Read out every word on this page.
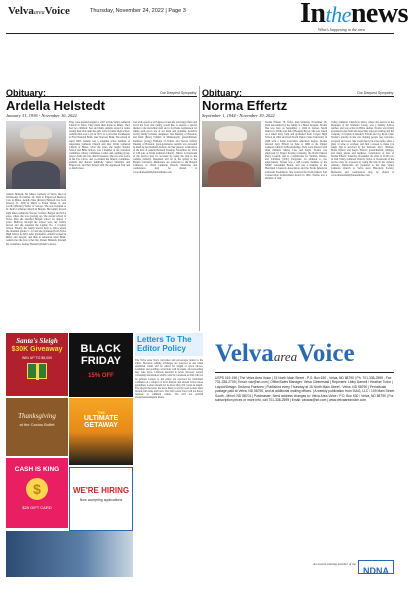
VelvaareaVoice	Thursday, November 24, 2022 | Page 3	Inthenews
What's happening in the area
Obituary:	Our Deepest Sympathy
Ardella Helstedt
January 31, 1936 - November 16, 2022
Ardella Helstedt, 86, Minot, formerly of Velva, died on Wednesday, November 16, 2022 at Edgewood Memory Care in Minot. Ardella Mae (Robert) Helstedt was born January 31, 1936 in Minot to Frank Weber, Jr. and Cecilia (Heisler) Weber of Sawyer. She was baptized at St. Paul's Lutheran Church in Bergen. Her family moved eight times within the Sawyer, Voltaire, Bergen and Velva areas, where she was growing up. She started school in Velva, then she attended Bergen school for almost 5 years. Halfway through the school year, her family moved and she attended the Lignite No. 1 Country School. Finally, her family moved back to Velva where she attended grades 5 - 12 and she graduated from Velva High School in 1953. After graduation, Ardella worked in Minot and Sawyer, and then at American State Bank. Ardella met the love of her life, Robert Helstedt, through her roommate, Audrey Helstedt (Robert's sister).
They were married August 4, 1957 at Oak Valley Lutheran Church in Velva. They made their home in Minot. They had two children: Sue and Ruth. Ardella stayed at home raising their kids until the girls were in junior high school. Ardella then took a job in 1971 as a part-time bookkeeper at First National Bank, later Norwest Bank. She retired in April 1995. Ardella was a longtime active member of Augustana Lutheran Church and later Christ Lutheran Church of Minot. Over the years she taught Sunday School and Bible School, was a member of the visitation committee, library committee, Ladies Aid, quilting group, prayer chain and was church treasurer. She was also active in the Eve Circle, and co-chaired the funeral committee. Ardella and Robert faithfully visited Stenslie's and Edgewood, and they helped with the Appleseed Fair and so much more.
was well-cared for at Edgewood and she was happy there and loved the food. Our family would like to express a special thanks to the incredible staff and to LaVonne Gulbranson for taking such good care of our mom and grandma. Ardella's loving family includes daughters: Sue Dueling of Houston; and Ruth (Peter) Schmitt of Minneapolis; grandchildren: Kathleen (Craig) Eldridge of Dallas and Steven (Mary) Dueling of Houston; great-grandsons. Ardella was preceded in death by her husband, Robert, and her parents. Celebration of the Life of Ardella Helstedt Tuesday, November 22, 2022 at 2:30 p.m. at Christ Lutheran Church - Minot. A livestream of the service may be accessed by using the link in the website obituary. Interment will be in the spring at the Bergen Cemetery. Memorials are preferred to the Bergen Cemetery or Christ Lutheran Church. Memories and condolences may be shared at www.thomasfamilyfuneralhome.com.
Obituary:	Our Deepest Sympathy
Norma Effertz
September 1, 1944 - November 19, 2022
Norma Effertz, 78, Velva, died Saturday, November 19, 2022 surrounded by her family at a Minot hospital. Norma Dee was born on September 1, 1944 in Lisbon, North Dakota to Willie and Julia (Hoagen) Bryan. She was raised on a small dairy farm and graduated from Cooper High School in 1962 and from North Dakota State University in 1966 with a home economics education degree. Norma married Jerry Effertz on June 4, 1966 at the United Lutheran Church in Breckenridge. They were blessed with three children: Maria, Lisa, and Kayla. Norma was employed by Singer Sewing Company, the North Dakota Dairy Council, and as a nutritionist for Women, Infants, and Children (WIC) Programs. In addition to her employment, Norma was a 4-H Leader, member of the NDSU Centennial Board, and was a member of the Heartland Livestock Association and the North American Limousin Foundation. She received the North Dakota Soil Conservation Achievement Award in 1981. Norma was a member of Oak
Valley Lutheran Church in Velva, where she served as the President of the Women's Group, was a Sunday School teacher, and was active in Bible studies. Norma was firmly grounded in her faith and especially enjoyed visiting and the company of friends at Reader's Forum and Joy Book Club. Norma's priority in life was making people feel welcome, accepted and loved. She would feed you at her table, share a glass of wine or rootbeer, and find a reason to make you laugh. She is survived by her husband, Jerry; children, Maria Effertz and Kayla Effertz; grandchildren; siblings; and many nieces and nephews. Celebration of Life of Norma Effertz: Saturday, November 26, 2022 at 11:00 a.m. in Oak Valley Lutheran Church, Velva. A livestream of the service may be accessed by using the link in the website obituary. Memorials are preferred to the Oak Valley Lutheran Church or Velva Area Historical Society. Memories and condolences may be shared at www.thomasfamilyfuneralhome.com.
Santa's Sleigh
$30K Giveaway
WIN UP TO $5,000
BLACK
FRIDAY
15% OFF
Thanksgiving
at the Cactus Buffet
THE
ULTIMATE
GETAWAY
CASH IS KING
$
$25 GIFT CARD
WE'RE HIRING
Now accepting applications
Letters To The
Editor Policy
The Velva Area Voice welcomes and encourages letters to the editor. However, editing privileges are reserved as any items submitted. Items will be edited for length or space allows. Grammar and spelling corrections will be made, and rewording may take place. Libelous material is never allowed. Letters containing information which could be construed as libel will not be printed. Letters to the editor are reserved for individual comment on a subject of local interest and should follow these guidelines: Letters should not be more than 250 words in length. The shorter the letter, the more likely it will be read. Letters must include full name and town. The Velva Area Voice will not honor requests to withhold names. We will not publish anonymous/unsigned letters.
VelvaareaVoice
USPS 019-196 | The Velva Area Voice | 15 North Main Street - P.O. Box 630 - Velva, ND 58790 | Ph. 701-338-2599 - Fax 701-338-2709 | Email: vav@srt.com | Office/Sales Manager: Velva Clinberstall | Reporters: Libby Darnell / Heather Tudor | Layout/Design: DeAnna Frantzen | Published every Thursday at 15 North Main Street - Velva, ND 58790 | Periodicals postage paid at Velva, ND 58790, and at additional mailing offices. | A weekly publication from: BAG, LLC / 109 Main Street South - Minot, ND 58701 | Postmaster: Send address changes to: Velva Area Voice / P.O. Box 630 / Velva, ND 58790 | For subscription prices or more info, call 701-338-2599 | Email: vavads@srt.com | www.velvaareavoice.com
An award-winning member of the
NDNA
